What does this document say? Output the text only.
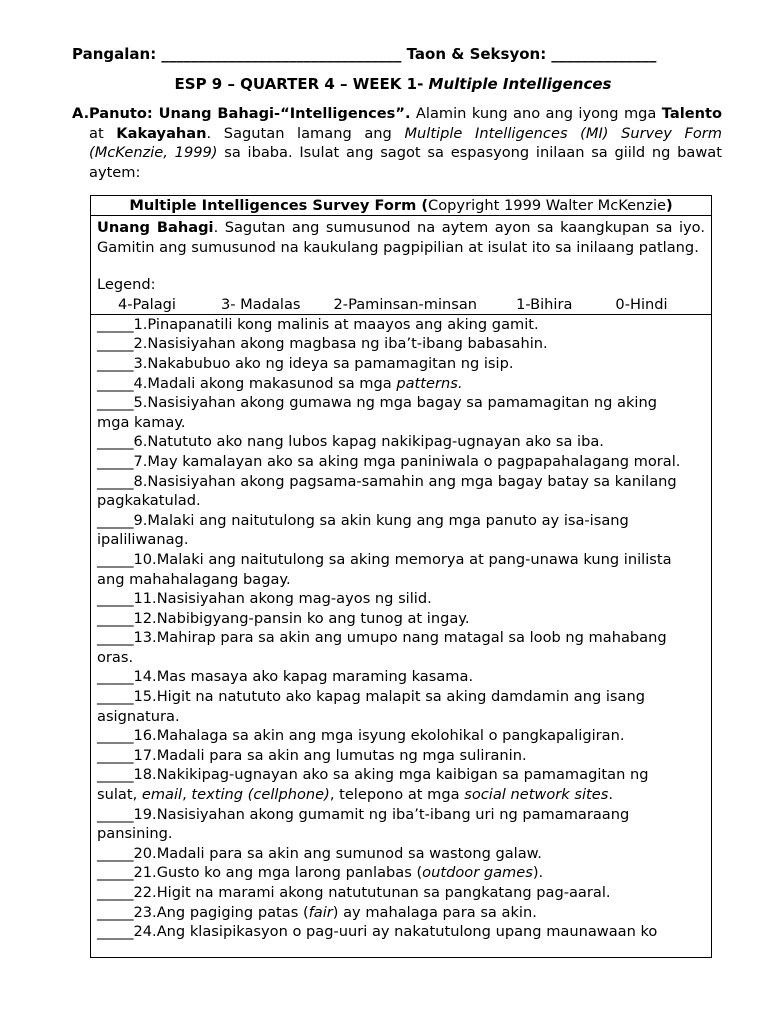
Pangalan: ________________________________ Taon & Seksyon: ______________
ESP 9 – QUARTER 4 – WEEK 1- Multiple Intelligences
A. Panuto: Unang Bahagi-“Intelligences”. Alamin kung ano ang iyong mga Talento at Kakayahan. Sagutan lamang ang Multiple Intelligences (MI) Survey Form (McKenzie, 1999) sa ibaba. Isulat ang sagot sa espasyong inilaan sa giild ng bawat aytem:
Multiple Intelligences Survey Form (Copyright 1999 Walter McKenzie)
Unang Bahagi. Sagutan ang sumusunod na aytem ayon sa kaangkupan sa iyo. Gamitin ang sumusunod na kaukulang pagpipilian at isulat ito sa inilaang patlang.
Legend:
4-Palagi	3- Madalas 2-Paminsan-minsan	1-Bihira	0-Hindi
_____1. Pinapanatili kong malinis at maayos ang aking gamit.
_____2. Nasisiyahan akong magbasa ng iba’t-ibang babasahin.
_____3. Nakabubuo ako ng ideya sa pamamagitan ng isip.
_____4. Madali akong makasunod sa mga patterns.
_____5. Nasisiyahan akong gumawa ng mga bagay sa pamamagitan ng aking
mga kamay.
_____6. Natututo ako nang lubos kapag nakikipag-ugnayan ako sa iba.
_____7. May kamalayan ako sa aking mga paniniwala o pagpapahalagang moral.
_____8. Nasisiyahan akong pagsama-samahin ang mga bagay batay sa kanilang
pagkakatulad.
_____9. Malaki ang naitutulong sa akin kung ang mga panuto ay isa-isang
ipaliliwanag.
_____10. Malaki ang naitutulong sa aking memorya at pang-unawa kung inilista
ang mahahalagang bagay.
_____11. Nasisiyahan akong mag-ayos ng silid.
_____12. Nabibigyang-pansin ko ang tunog at ingay.
_____13. Mahirap para sa akin ang umupo nang matagal sa loob ng mahabang
oras.
_____14. Mas masaya ako kapag maraming kasama.
_____15. Higit na natututo ako kapag malapit sa aking damdamin ang isang
asignatura.
_____16. Mahalaga sa akin ang mga isyung ekolohikal o pangkapaligiran.
_____17. Madali para sa akin ang lumutas ng mga suliranin.
_____18. Nakikipag-ugnayan ako sa aking mga kaibigan sa pamamagitan ng
sulat, email, texting (cellphone), telepono at mga social network sites.
_____19. Nasisiyahan akong gumamit ng iba’t-ibang uri ng pamamaraang
pansining.
_____20. Madali para sa akin ang sumunod sa wastong galaw.
_____21. Gusto ko ang mga larong panlabas (outdoor games).
_____22. Higit na marami akong natututunan sa pangkatang pag-aaral.
_____23. Ang pagiging patas (fair) ay mahalaga para sa akin.
_____24. Ang klasipikasyon o pag-uuri ay nakatutulong upang maunawaan ko
